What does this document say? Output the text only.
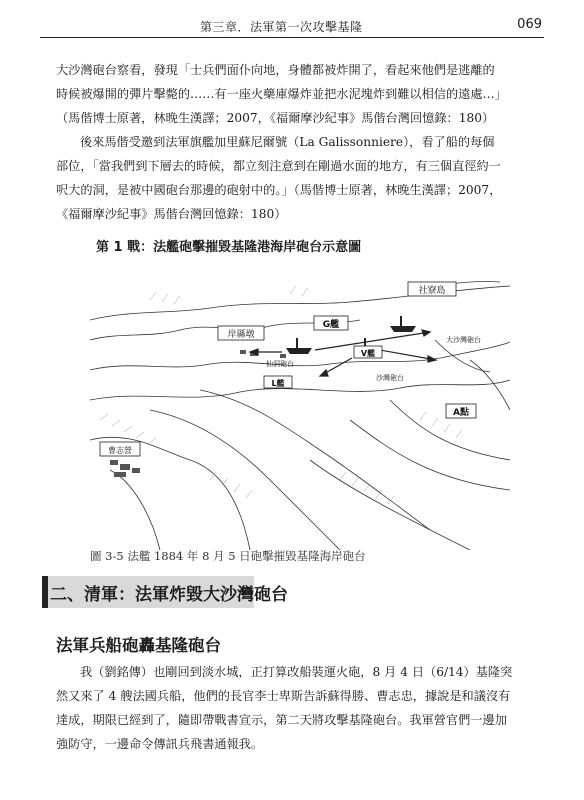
第三章．法軍第一次攻擊基隆	069

大沙灣砲台察看，發現「士兵們面仆向地，身體都被炸開了，看起來他們是逃離的
時候被爆開的彈片擊斃的……有一座火藥庫爆炸並把水泥塊炸到難以相信的遠處…」
（馬偕博士原著，林晚生漢譯；2007，《福爾摩沙紀事》馬偕台灣回憶錄：180）

後來馬偕受邀到法軍旗艦加里蘇尼爾號（La Galissonniere），看了船的每個
部位，「當我們到下層去的時候，都立刻注意到在剛過水面的地方，有三個直徑約一
呎大的洞，是被中國砲台那邊的砲射中的。」（馬偕博士原著，林晚生漢譯；2007，
《福爾摩沙紀事》馬偕台灣回憶錄：180）

第 1 戰：法艦砲擊摧毀基隆港海岸砲台示意圖
社寮島
G艦
岸縣墩
V艦
大沙灣砲台
L艦
沙灣砲台
A點
曹志營
仙洞砲台
圖 3-5 法艦 1884 年 8 月 5 日砲擊摧毀基隆海岸砲台
二、清軍：法軍炸毀大沙灣砲台
法軍兵船砲轟基隆砲台

我（劉銘傳）也剛回到淡水城，正打算改船裝運火砲，8 月 4 日（6/14）基隆突
然又來了 4 艘法國兵船，他們的長官李士卑斯告訴蘇得勝、曹志忠，據說是和議沒有
達成，期限已經到了，隨即帶戰書宣示，第二天將攻擊基隆砲台。我軍營官們一邊加
強防守，一邊命令傳訊兵飛書通報我。
